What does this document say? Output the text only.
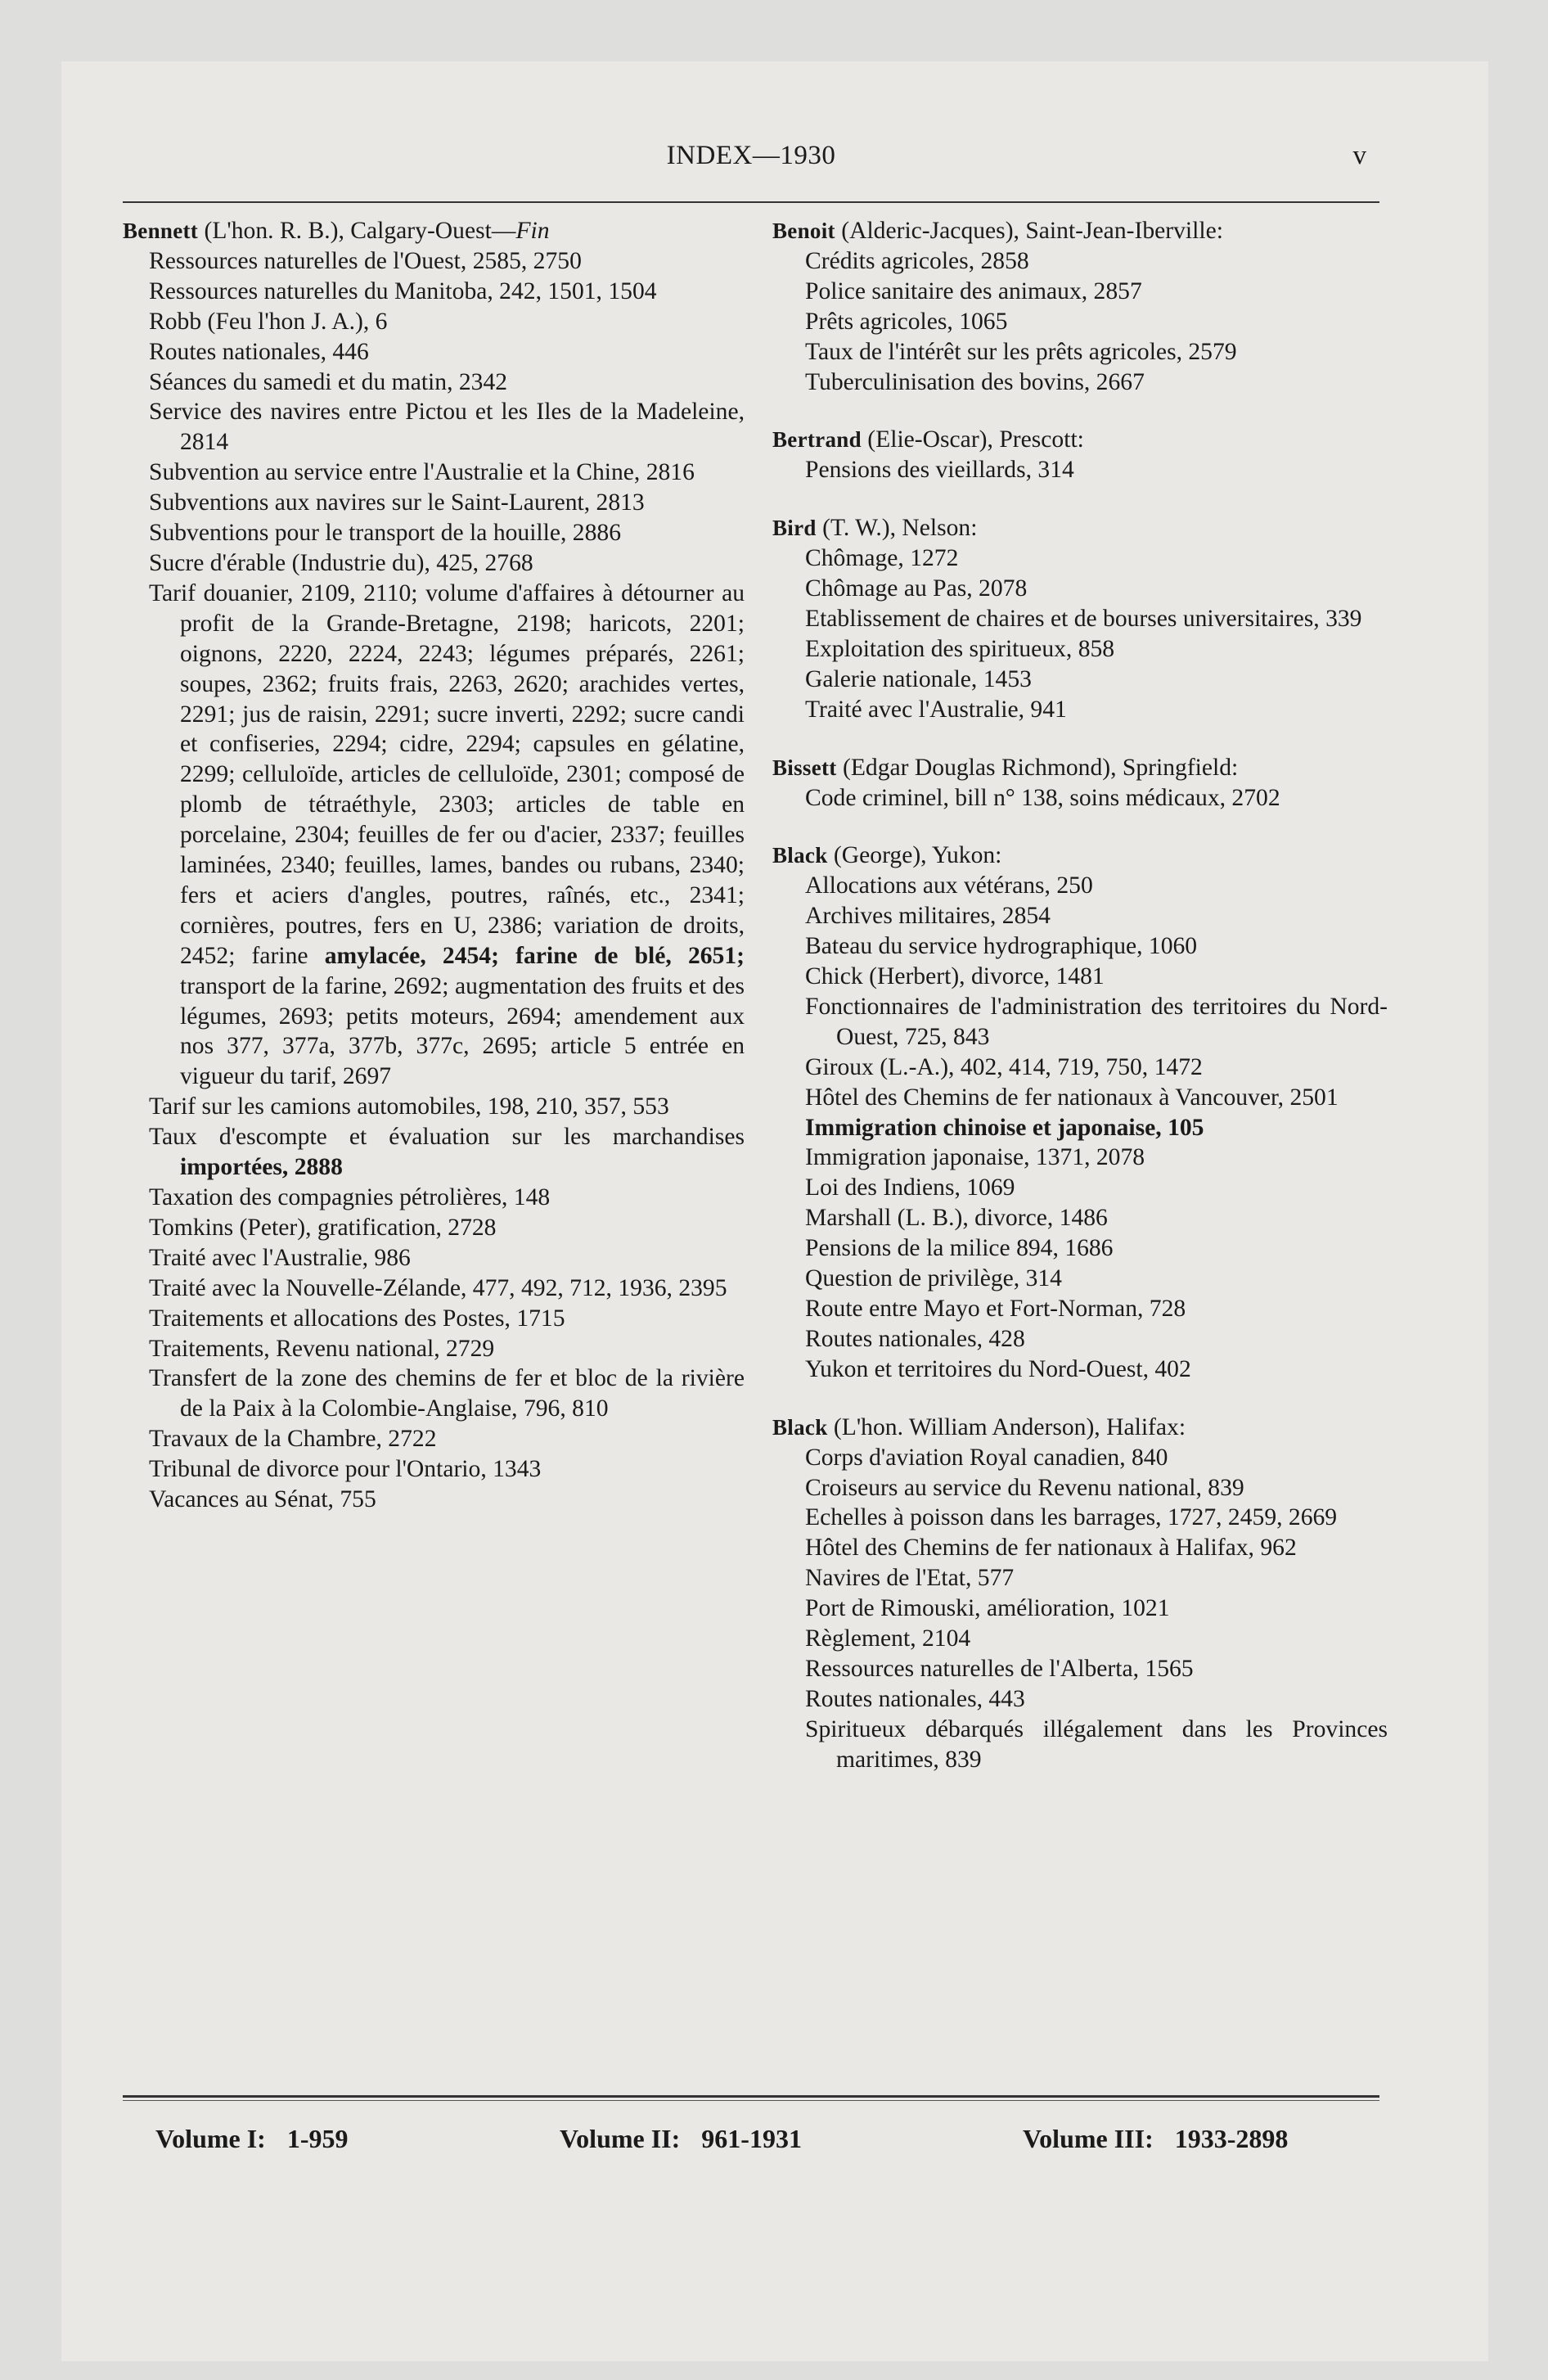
INDEX—1930	v
Bennett (L'hon. R. B.), Calgary-Ouest—Fin
Ressources naturelles de l'Ouest, 2585, 2750
Ressources naturelles du Manitoba, 242, 1501, 1504
Robb (Feu l'hon J. A.), 6
Routes nationales, 446
Séances du samedi et du matin, 2342
Service des navires entre Pictou et les Iles de la Madeleine, 2814
Subvention au service entre l'Australie et la Chine, 2816
Subventions aux navires sur le Saint-Laurent, 2813
Subventions pour le transport de la houille, 2886
Sucre d'érable (Industrie du), 425, 2768
Tarif douanier, 2109, 2110; volume d'affaires à détourner au profit de la Grande-Bretagne, 2198; haricots, 2201; oignons, 2220, 2224, 2243; légumes préparés, 2261; soupes, 2362; fruits frais, 2263, 2620; arachides vertes, 2291; jus de raisin, 2291; sucre inverti, 2292; sucre candi et confiseries, 2294; cidre, 2294; capsules en gélatine, 2299; celluloïde, articles de celluloïde, 2301; composé de plomb de tétraéthyle, 2303; articles de table en porcelaine, 2304; feuilles de fer ou d'acier, 2337; feuilles laminées, 2340; feuilles, lames, bandes ou rubans, 2340; fers et aciers d'angles, poutres, raînés, etc., 2341; cornières, poutres, fers en U, 2386; variation de droits, 2452; farine amylacée, 2454; farine de blé, 2651; transport de la farine, 2692; augmentation des fruits et des légumes, 2693; petits moteurs, 2694; amendement aux nos 377, 377a, 377b, 377c, 2695; article 5 entrée en vigueur du tarif, 2697
Tarif sur les camions automobiles, 198, 210, 357, 553
Taux d'escompte et évaluation sur les marchandises importées, 2888
Taxation des compagnies pétrolières, 148
Tomkins (Peter), gratification, 2728
Traité avec l'Australie, 986
Traité avec la Nouvelle-Zélande, 477, 492, 712, 1936, 2395
Traitements et allocations des Postes, 1715
Traitements, Revenu national, 2729
Transfert de la zone des chemins de fer et bloc de la rivière de la Paix à la Colombie-Anglaise, 796, 810
Travaux de la Chambre, 2722
Tribunal de divorce pour l'Ontario, 1343
Vacances au Sénat, 755
Benoit (Alderic-Jacques), Saint-Jean-Iberville:
Crédits agricoles, 2858
Police sanitaire des animaux, 2857
Prêts agricoles, 1065
Taux de l'intérêt sur les prêts agricoles, 2579
Tuberculinisation des bovins, 2667
Bertrand (Elie-Oscar), Prescott:
Pensions des vieillards, 314
Bird (T. W.), Nelson:
Chômage, 1272
Chômage au Pas, 2078
Etablissement de chaires et de bourses universitaires, 339
Exploitation des spiritueux, 858
Galerie nationale, 1453
Traité avec l'Australie, 941
Bissett (Edgar Douglas Richmond), Springfield:
Code criminel, bill n° 138, soins médicaux, 2702
Black (George), Yukon:
Allocations aux vétérans, 250
Archives militaires, 2854
Bateau du service hydrographique, 1060
Chick (Herbert), divorce, 1481
Fonctionnaires de l'administration des territoires du Nord-Ouest, 725, 843
Giroux (L.-A.), 402, 414, 719, 750, 1472
Hôtel des Chemins de fer nationaux à Vancouver, 2501
Immigration chinoise et japonaise, 105
Immigration japonaise, 1371, 2078
Loi des Indiens, 1069
Marshall (L. B.), divorce, 1486
Pensions de la milice 894, 1686
Question de privilège, 314
Route entre Mayo et Fort-Norman, 728
Routes nationales, 428
Yukon et territoires du Nord-Ouest, 402
Black (L'hon. William Anderson), Halifax:
Corps d'aviation Royal canadien, 840
Croiseurs au service du Revenu national, 839
Echelles à poisson dans les barrages, 1727, 2459, 2669
Hôtel des Chemins de fer nationaux à Halifax, 962
Navires de l'Etat, 577
Port de Rimouski, amélioration, 1021
Règlement, 2104
Ressources naturelles de l'Alberta, 1565
Routes nationales, 443
Spiritueux débarqués illégalement dans les Provinces maritimes, 839
Volume I: 1-959	Volume II: 961-1931	Volume III: 1933-2898
